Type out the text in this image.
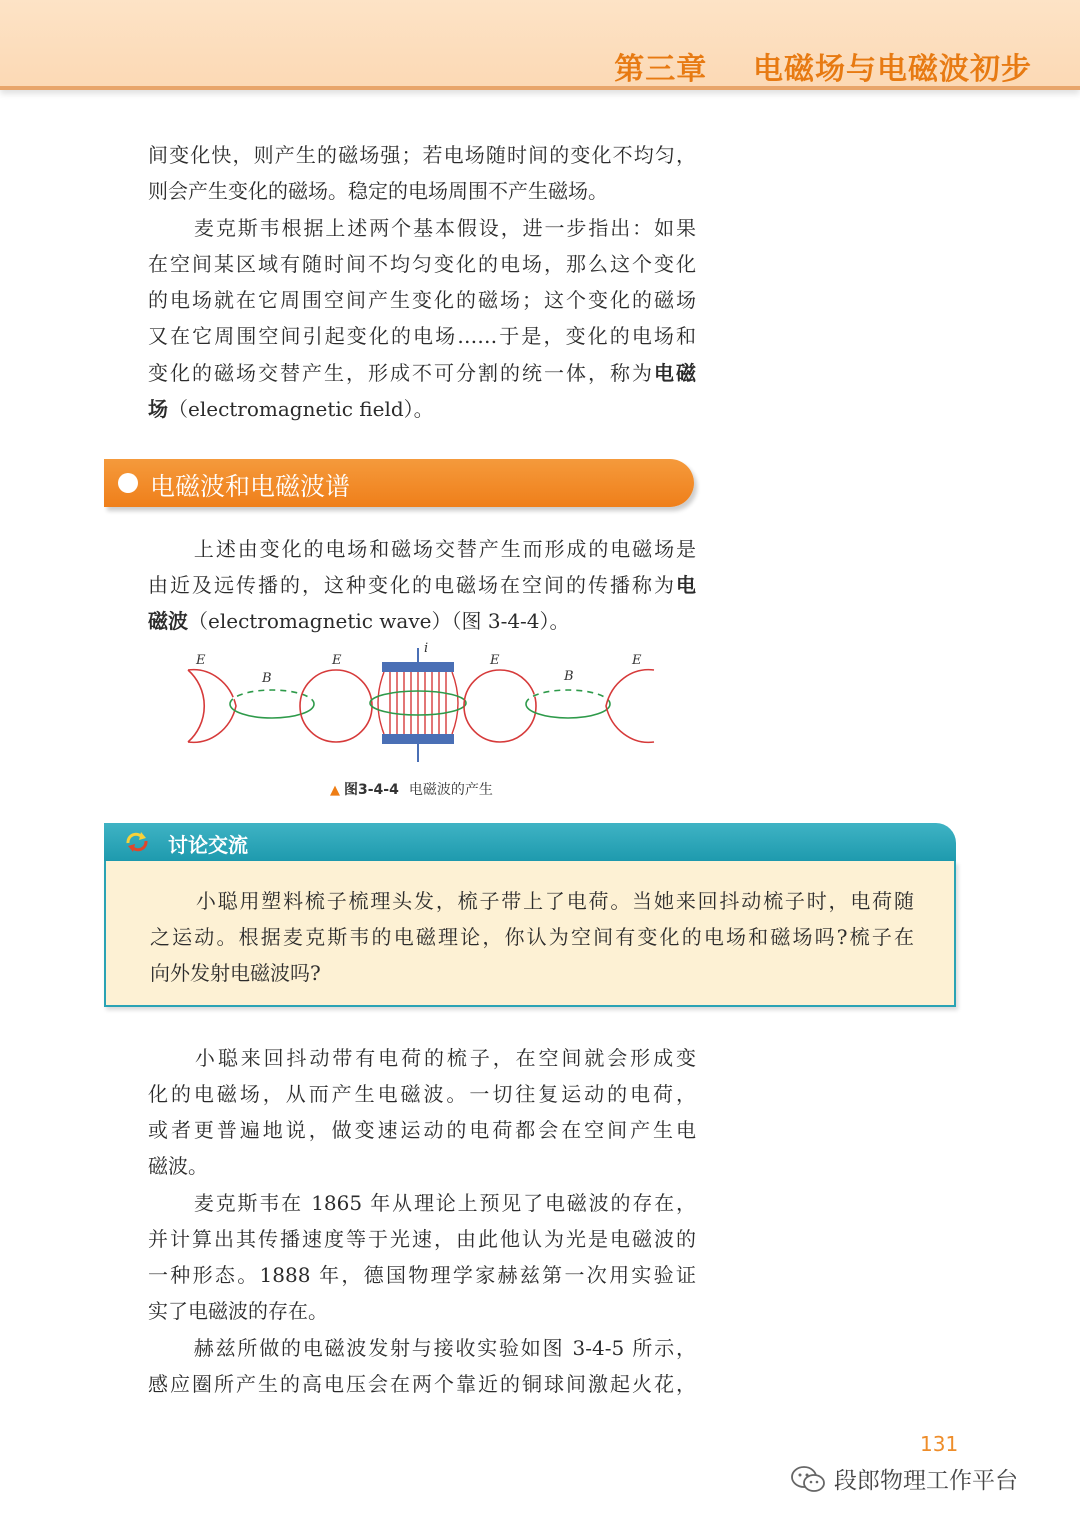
第三章    电磁场与电磁波初步

间变化快，则产生的磁场强；若电场随时间的变化不均匀，

则会产生变化的磁场。稳定的电场周围不产生磁场。

麦克斯韦根据上述两个基本假设，进一步指出：如果

在空间某区域有随时间不均匀变化的电场，那么这个变化

的电场就在它周围空间产生变化的磁场；这个变化的磁场

又在它周围空间引起变化的电场……于是，变化的电场和

变化的磁场交替产生，形成不可分割的统一体，称为电磁

场（electromagnetic field）。

电磁波和电磁波谱

上述由变化的电场和磁场交替产生而形成的电磁场是

由近及远传播的，这种变化的电磁场在空间的传播称为电

磁波（electromagnetic wave）（图 3-4-4）。

E
B
E
i
E
B
E
▲ 图3-4-4 电磁波的产生
讨论交流

小聪用塑料梳子梳理头发，梳子带上了电荷。当她来回抖动梳子时，电荷随

之运动。根据麦克斯韦的电磁理论，你认为空间有变化的电场和磁场吗?梳子在

向外发射电磁波吗?

小聪来回抖动带有电荷的梳子，在空间就会形成变

化的电磁场，从而产生电磁波。一切往复运动的电荷，

或者更普遍地说，做变速运动的电荷都会在空间产生电

磁波。

麦克斯韦在 1865 年从理论上预见了电磁波的存在，

并计算出其传播速度等于光速，由此他认为光是电磁波的

一种形态。1888 年，德国物理学家赫兹第一次用实验证

实了电磁波的存在。

赫兹所做的电磁波发射与接收实验如图 3-4-5 所示，

感应圈所产生的高电压会在两个靠近的铜球间激起火花，

131
段郎物理工作平台
